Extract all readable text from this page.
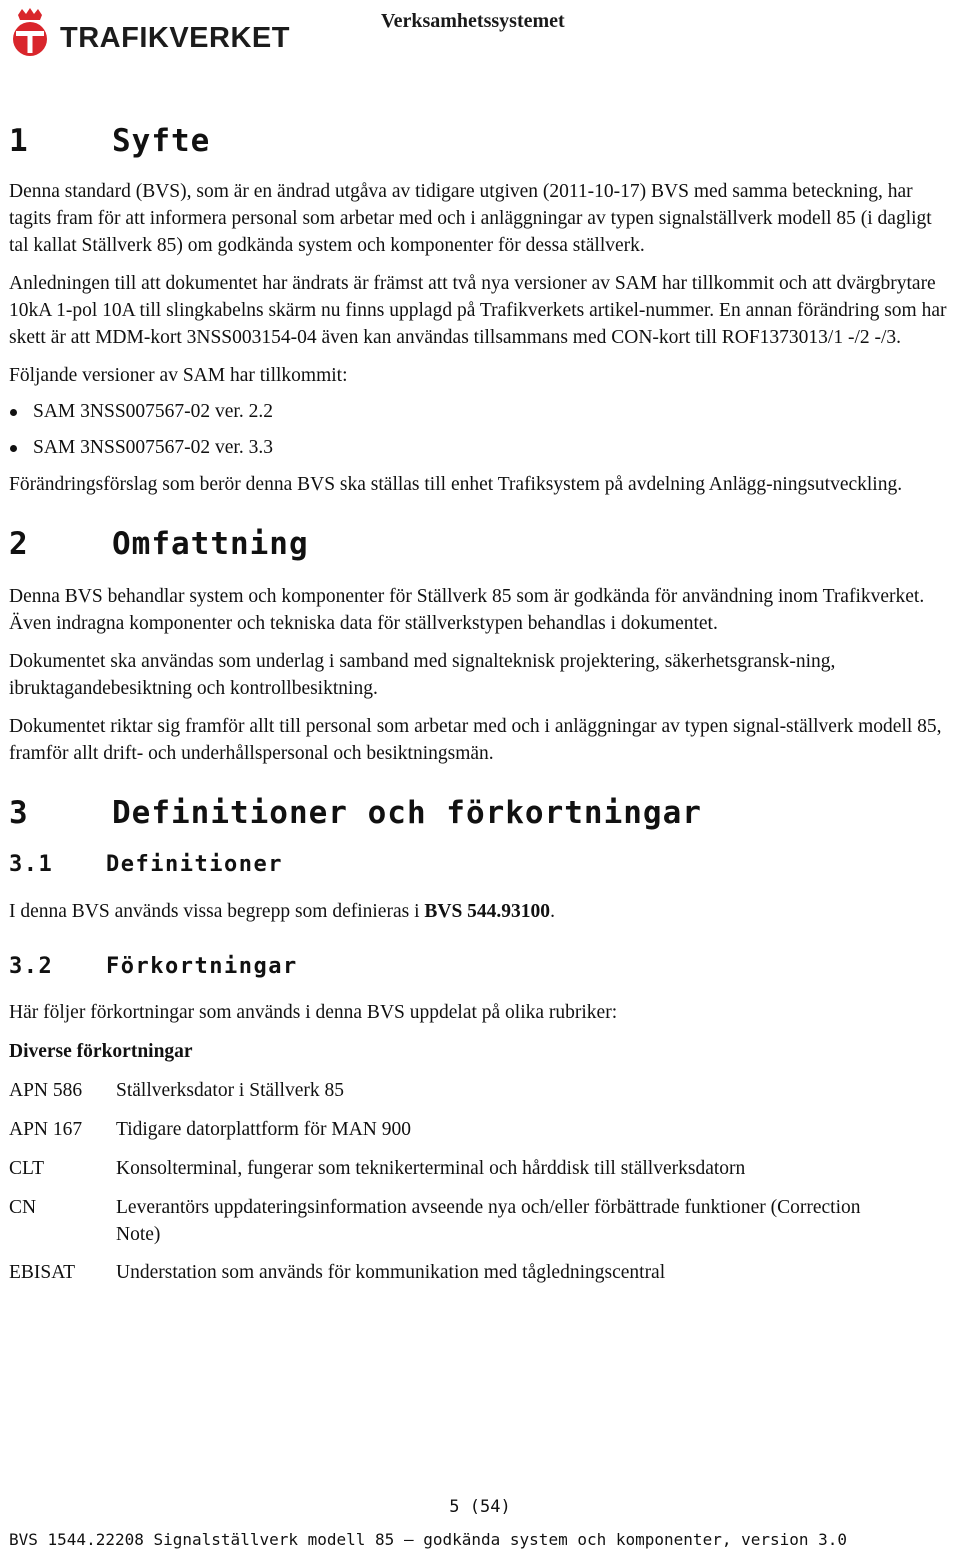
TRAFIKVERKET
Verksamhetssystemet
1	Syfte

Denna standard (BVS), som är en ändrad utgåva av tidigare utgiven (2011-10-17) BVS med samma beteckning, har tagits fram för att informera personal som arbetar med och i anläggningar av typen signalställverk modell 85 (i dagligt tal kallat Ställverk 85) om godkända system och komponenter för dessa ställverk.

Anledningen till att dokumentet har ändrats är främst att två nya versioner av SAM har tillkommit och att dvärgbrytare 10kA 1-pol 10A till slingkabelns skärm nu finns upplagd på Trafikverkets artikel-nummer. En annan förändring som har skett är att MDM-kort 3NSS003154-04 även kan användas tillsammans med CON-kort till ROF1373013/1 -/2 -/3.

Följande versioner av SAM har tillkommit:

SAM 3NSS007567-02 ver. 2.2
SAM 3NSS007567-02 ver. 3.3

Förändringsförslag som berör denna BVS ska ställas till enhet Trafiksystem på avdelning Anlägg-ningsutveckling.

2	Omfattning

Denna BVS behandlar system och komponenter för Ställverk 85 som är godkända för användning inom Trafikverket. Även indragna komponenter och tekniska data för ställverkstypen behandlas i dokumentet.

Dokumentet ska användas som underlag i samband med signalteknisk projektering, säkerhetsgransk-ning, ibruktagandebesiktning och kontrollbesiktning.

Dokumentet riktar sig framför allt till personal som arbetar med och i anläggningar av typen signal-ställverk modell 85, framför allt drift- och underhållspersonal och besiktningsmän.

3	Definitioner och förkortningar
3.1	Definitioner

I denna BVS används vissa begrepp som definieras i BVS 544.93100.

3.2	Förkortningar

Här följer förkortningar som används i denna BVS uppdelat på olika rubriker:

Diverse förkortningar

APN 586	Ställverksdator i Ställverk 85
APN 167	Tidigare datorplattform för MAN 900
CLT	Konsolterminal, fungerar som teknikerterminal och hårddisk till ställverksdatorn
CN	Leverantörs uppdateringsinformation avseende nya och/eller förbättrade funktioner (Correction Note)
EBISAT	Understation som används för kommunikation med tågledningscentral
5 (54)
BVS 1544.22208 Signalställverk modell 85 — godkända system och komponenter, version 3.0
